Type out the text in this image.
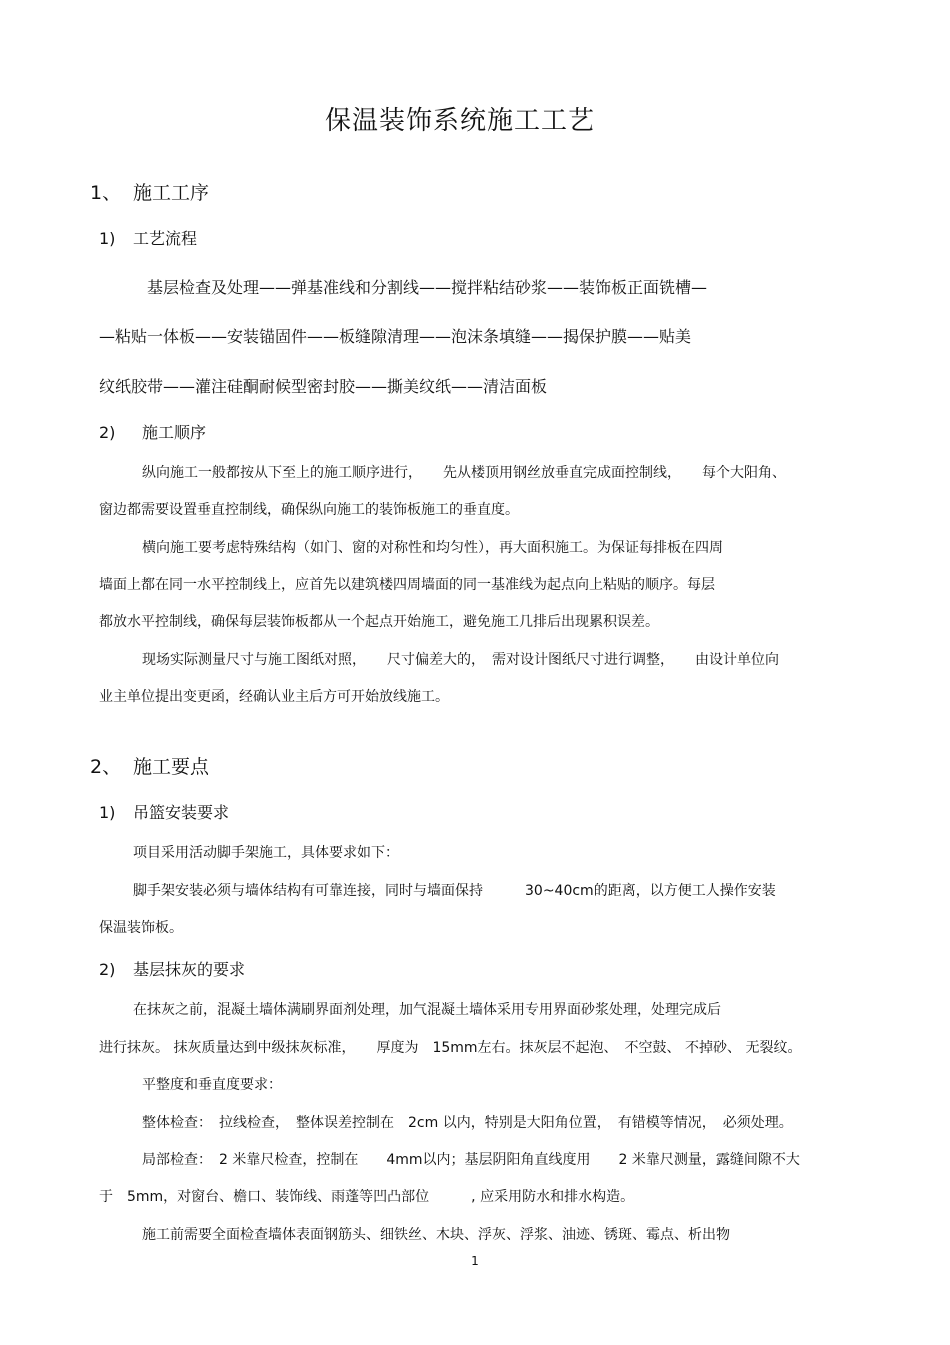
保温装饰系统施工工艺
1、 施工工序
1) 工艺流程
基层检查及处理——弹基准线和分割线——搅拌粘结砂浆——装饰板正面铣槽—
—粘贴一体板——安装锚固件——板缝隙清理——泡沫条填缝——揭保护膜——贴美
纹纸胶带——灌注硅酮耐候型密封胶——撕美纹纸——清洁面板
2) 施工顺序
纵向施工一般都按从下至上的施工顺序进行，　　先从楼顶用钢丝放垂直完成面控制线，　　每个大阳角、
窗边都需要设置垂直控制线，确保纵向施工的装饰板施工的垂直度。
横向施工要考虑特殊结构（如门、窗的对称性和均匀性），再大面积施工。为保证每排板在四周
墙面上都在同一水平控制线上，应首先以建筑楼四周墙面的同一基准线为起点向上粘贴的顺序。每层
都放水平控制线，确保每层装饰板都从一个起点开始施工，避免施工几排后出现累积误差。
现场实际测量尺寸与施工图纸对照，　　尺寸偏差大的，　需对设计图纸尺寸进行调整，　　由设计单位向
业主单位提出变更函，经确认业主后方可开始放线施工。
2、 施工要点
1) 吊篮安装要求
项目采用活动脚手架施工，具体要求如下：
脚手架安装必须与墙体结构有可靠连接，同时与墙面保持　　　30~40cm的距离，以方便工人操作安装
保温装饰板。
2) 基层抹灰的要求
在抹灰之前，混凝土墙体满刷界面剂处理，加气混凝土墙体采用专用界面砂浆处理，处理完成后
进行抹灰。 抹灰质量达到中级抹灰标准，　　厚度为　15mm左右。抹灰层不起泡、　不空鼓、 不掉砂、 无裂纹。
平整度和垂直度要求：
整体检查：　拉线检查，　整体误差控制在　2cm 以内，特别是大阳角位置，　有错模等情况，　必须处理。
局部检查：　2 米靠尺检查，控制在　　4mm以内；基层阴阳角直线度用　　2 米靠尺测量，露缝间隙不大
于　5mm，对窗台、檐口、装饰线、雨蓬等凹凸部位　　　, 应采用防水和排水构造。
施工前需要全面检查墙体表面钢筋头、细铁丝、木块、浮灰、浮浆、油迹、锈斑、霉点、析出物
1
